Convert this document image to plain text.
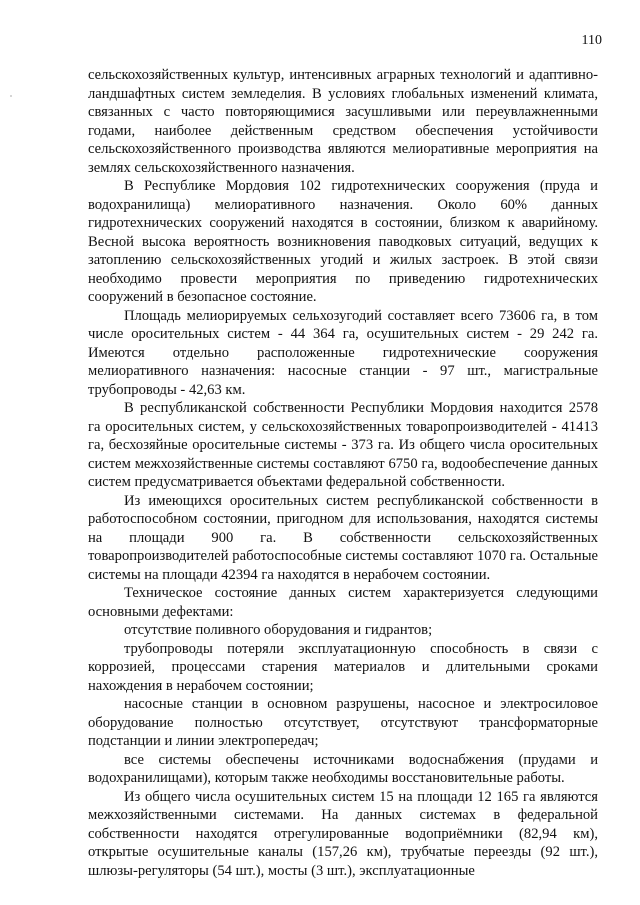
110

сельскохозяйственных культур, интенсивных аграрных технологий и адаптивно-ландшафтных систем земледелия. В условиях глобальных изменений климата, связанных с часто повторяющимися засушливыми или переувлажненными годами, наиболее действенным средством обеспечения устойчивости сельскохозяйственного производства являются мелиоративные мероприятия на землях сельскохозяйственного назначения.

В Республике Мордовия 102 гидротехнических сооружения (пруда и водохранилища) мелиоративного назначения. Около 60% данных гидротехнических сооружений находятся в состоянии, близком к аварийному. Весной высока вероятность возникновения паводковых ситуаций, ведущих к затоплению сельскохозяйственных угодий и жилых застроек. В этой связи необходимо провести мероприятия по приведению гидротехнических сооружений в безопасное состояние.

Площадь мелиорируемых сельхозугодий составляет всего 73606 га, в том числе оросительных систем - 44 364 га, осушительных систем - 29 242 га. Имеются отдельно расположенные гидротехнические сооружения мелиоративного назначения: насосные станции - 97 шт., магистральные трубопроводы - 42,63 км.

В республиканской собственности Республики Мордовия находится 2578 га оросительных систем, у сельскохозяйственных товаропроизводителей - 41413 га, бесхозяйные оросительные системы - 373 га. Из общего числа оросительных систем межхозяйственные системы составляют 6750 га, водообеспечение данных систем предусматривается объектами федеральной собственности.

Из имеющихся оросительных систем республиканской собственности в работоспособном состоянии, пригодном для использования, находятся системы на площади 900 га. В собственности сельскохозяйственных товаропроизводителей работоспособные системы составляют 1070 га. Остальные системы на площади 42394 га находятся в нерабочем состоянии.

Техническое состояние данных систем характеризуется следующими основными дефектами:

отсутствие поливного оборудования и гидрантов;

трубопроводы потеряли эксплуатационную способность в связи с коррозией, процессами старения материалов и длительными сроками нахождения в нерабочем состоянии;

насосные станции в основном разрушены, насосное и электросиловое оборудование полностью отсутствует, отсутствуют трансформаторные подстанции и линии электропередач;

все системы обеспечены источниками водоснабжения (прудами и водохранилищами), которым также необходимы восстановительные работы.

Из общего числа осушительных систем 15 на площади 12 165 га являются межхозяйственными системами. На данных системах в федеральной собственности находятся отрегулированные водоприёмники (82,94 км), открытые осушительные каналы (157,26 км), трубчатые переезды (92 шт.), шлюзы-регуляторы (54 шт.), мосты (3 шт.), эксплуатационные
